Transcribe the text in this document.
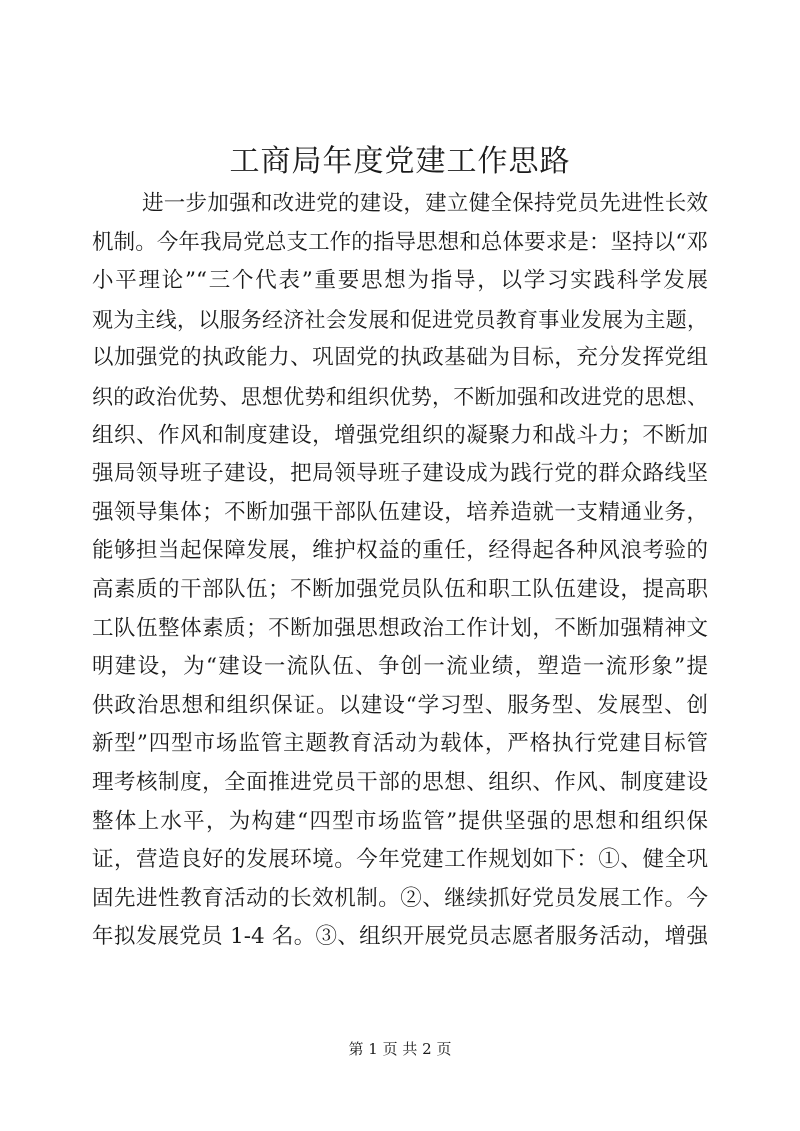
工商局年度党建工作思路
进一步加强和改进党的建设，建立健全保持党员先进性长效
机制。今年我局党总支工作的指导思想和总体要求是：坚持以“邓
小平理论”“三个代表”重要思想为指导，以学习实践科学发展
观为主线，以服务经济社会发展和促进党员教育事业发展为主题，
以加强党的执政能力、巩固党的执政基础为目标，充分发挥党组
织的政治优势、思想优势和组织优势，不断加强和改进党的思想、
组织、作风和制度建设，增强党组织的凝聚力和战斗力；不断加
强局领导班子建设，把局领导班子建设成为践行党的群众路线坚
强领导集体；不断加强干部队伍建设，培养造就一支精通业务，
能够担当起保障发展，维护权益的重任，经得起各种风浪考验的
高素质的干部队伍；不断加强党员队伍和职工队伍建设，提高职
工队伍整体素质；不断加强思想政治工作计划，不断加强精神文
明建设，为“建设一流队伍、争创一流业绩，塑造一流形象”提
供政治思想和组织保证。以建设“学习型、服务型、发展型、创
新型”四型市场监管主题教育活动为载体，严格执行党建目标管
理考核制度，全面推进党员干部的思想、组织、作风、制度建设
整体上水平，为构建“四型市场监管”提供坚强的思想和组织保
证，营造良好的发展环境。今年党建工作规划如下：①、健全巩
固先进性教育活动的长效机制。②、继续抓好党员发展工作。今
年拟发展党员 1-4 名。③、组织开展党员志愿者服务活动，增强
第 1 页 共 2 页
